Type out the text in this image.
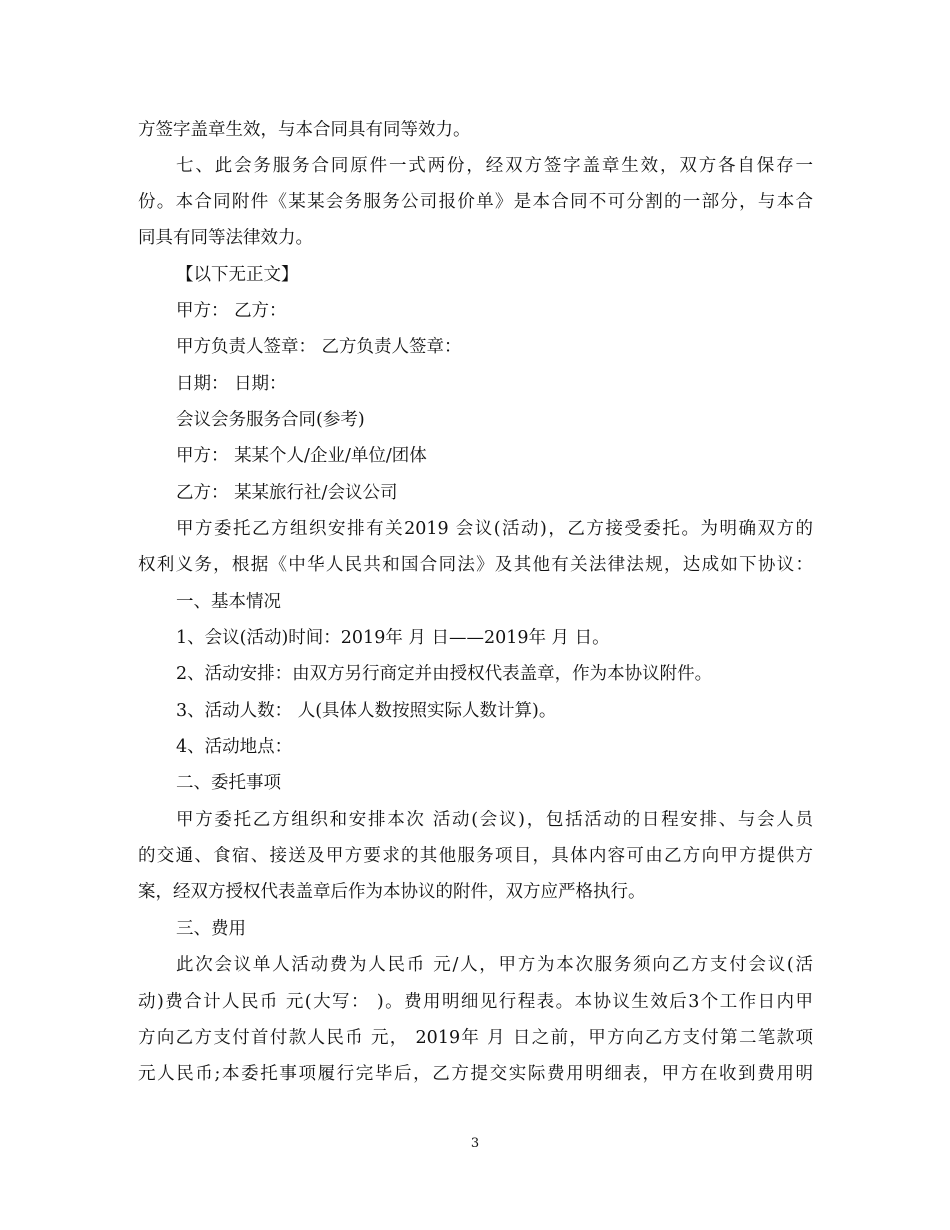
方签字盖章生效，与本合同具有同等效力。
七、此会务服务合同原件一式两份，经双方签字盖章生效，双方各自保存一
份。本合同附件《某某会务服务公司报价单》是本合同不可分割的一部分，与本合
同具有同等法律效力。
【以下无正文】
甲方： 乙方：
甲方负责人签章： 乙方负责人签章：
日期： 日期：
会议会务服务合同(参考)
甲方： 某某个人/企业/单位/团体
乙方： 某某旅行社/会议公司
甲方委托乙方组织安排有关2019 会议(活动)，乙方接受委托。为明确双方的
权利义务，根据《中华人民共和国合同法》及其他有关法律法规，达成如下协议：
一、基本情况
1、会议(活动)时间：2019年 月 日——2019年 月 日。
2、活动安排：由双方另行商定并由授权代表盖章，作为本协议附件。
3、活动人数： 人(具体人数按照实际人数计算)。
4、活动地点：
二、委托事项
甲方委托乙方组织和安排本次 活动(会议)，包括活动的日程安排、与会人员
的交通、食宿、接送及甲方要求的其他服务项目，具体内容可由乙方向甲方提供方
案，经双方授权代表盖章后作为本协议的附件，双方应严格执行。
三、费用
此次会议单人活动费为人民币 元/人，甲方为本次服务须向乙方支付会议(活
动)费合计人民币 元(大写： )。费用明细见行程表。本协议生效后3个工作日内甲
方向乙方支付首付款人民币 元， 2019年 月 日之前，甲方向乙方支付第二笔款项
元人民币;本委托事项履行完毕后，乙方提交实际费用明细表，甲方在收到费用明
3
